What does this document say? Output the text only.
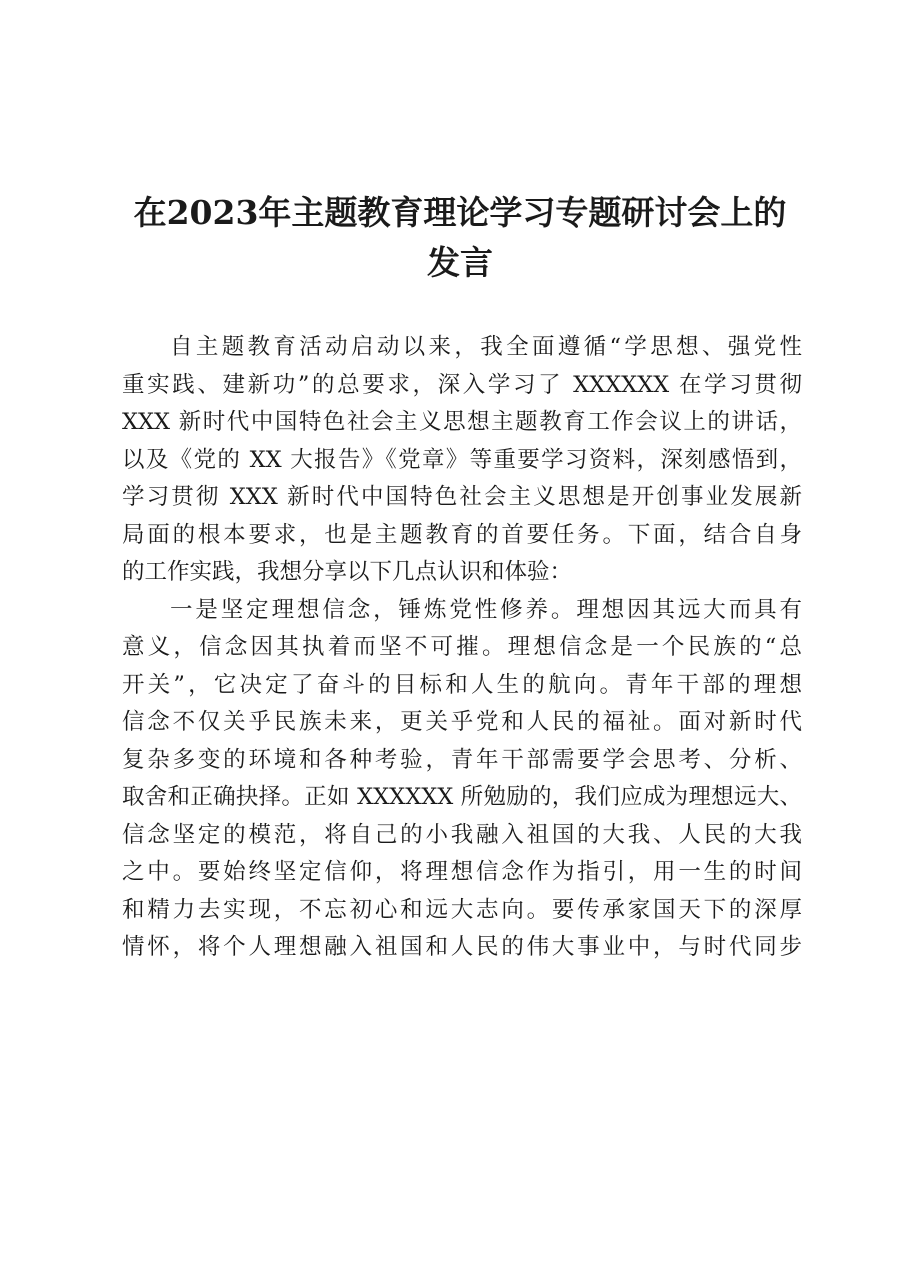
在2023年主题教育理论学习专题研讨会上的
发言
自主题教育活动启动以来，我全面遵循“学思想、强党性
重实践、建新功”的总要求，深入学习了 XXXXXX 在学习贯彻
XXX 新时代中国特色社会主义思想主题教育工作会议上的讲话，
以及《党的 XX 大报告》《党章》等重要学习资料，深刻感悟到，
学习贯彻 XXX 新时代中国特色社会主义思想是开创事业发展新
局面的根本要求，也是主题教育的首要任务。下面，结合自身
的工作实践，我想分享以下几点认识和体验：
一是坚定理想信念，锤炼党性修养。理想因其远大而具有
意义，信念因其执着而坚不可摧。理想信念是一个民族的“总
开关”，它决定了奋斗的目标和人生的航向。青年干部的理想
信念不仅关乎民族未来，更关乎党和人民的福祉。面对新时代
复杂多变的环境和各种考验，青年干部需要学会思考、分析、
取舍和正确抉择。正如 XXXXXX 所勉励的，我们应成为理想远大、
信念坚定的模范，将自己的小我融入祖国的大我、人民的大我
之中。要始终坚定信仰，将理想信念作为指引，用一生的时间
和精力去实现，不忘初心和远大志向。要传承家国天下的深厚
情怀，将个人理想融入祖国和人民的伟大事业中，与时代同步
